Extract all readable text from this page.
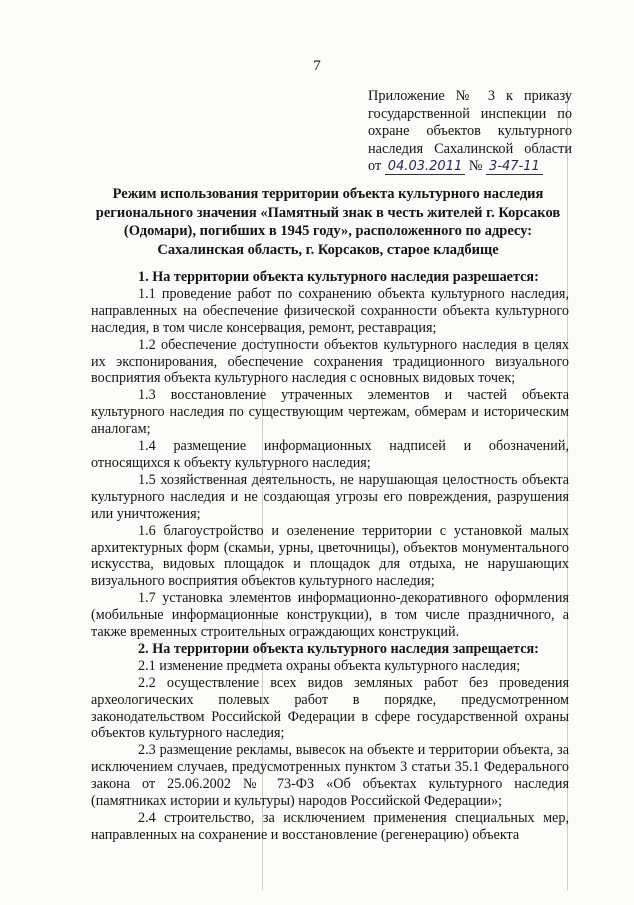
7
Приложение № 3 к приказу
государственной инспекции по
охране объектов культурного
наследия Сахалинской области
от 04.03.2011 № 3-47-11
Режим использования территории объекта культурного наследия
регионального значения «Памятный знак в честь жителей г. Корсаков
(Одомари), погибших в 1945 году», расположенного по адресу:
Сахалинская область, г. Корсаков, старое кладбище

1. На территории объекта культурного наследия разрешается:

1.1 проведение работ по сохранению объекта культурного наследия, направленных на обеспечение физической сохранности объекта культурного наследия, в том числе консервация, ремонт, реставрация;

1.2 обеспечение доступности объектов культурного наследия в целях их экспонирования, обеспечение сохранения традиционного визуального восприятия объекта культурного наследия с основных видовых точек;

1.3 восстановление утраченных элементов и частей объекта культурного наследия по существующим чертежам, обмерам и историческим аналогам;

1.4 размещение информационных надписей и обозначений, относящихся к объекту культурного наследия;

1.5 хозяйственная деятельность, не нарушающая целостность объекта культурного наследия и не создающая угрозы его повреждения, разрушения или уничтожения;

1.6 благоустройство и озеленение территории с установкой малых архитектурных форм (скамьи, урны, цветочницы), объектов монументального искусства, видовых площадок и площадок для отдыха, не нарушающих визуального восприятия объектов культурного наследия;

1.7 установка элементов информационно-декоративного оформления (мобильные информационные конструкции), в том числе праздничного, а также временных строительных ограждающих конструкций.

2. На территории объекта культурного наследия запрещается:

2.1 изменение предмета охраны объекта культурного наследия;

2.2 осуществление всех видов земляных работ без проведения археологических полевых работ в порядке, предусмотренном законодательством Российской Федерации в сфере государственной охраны объектов культурного наследия;

2.3 размещение рекламы, вывесок на объекте и территории объекта, за исключением случаев, предусмотренных пунктом 3 статьи 35.1 Федерального закона от 25.06.2002 № 73-ФЗ «Об объектах культурного наследия (памятниках истории и культуры) народов Российской Федерации»;

2.4 строительство, за исключением применения специальных мер, направленных на сохранение и восстановление (регенерацию) объекта
